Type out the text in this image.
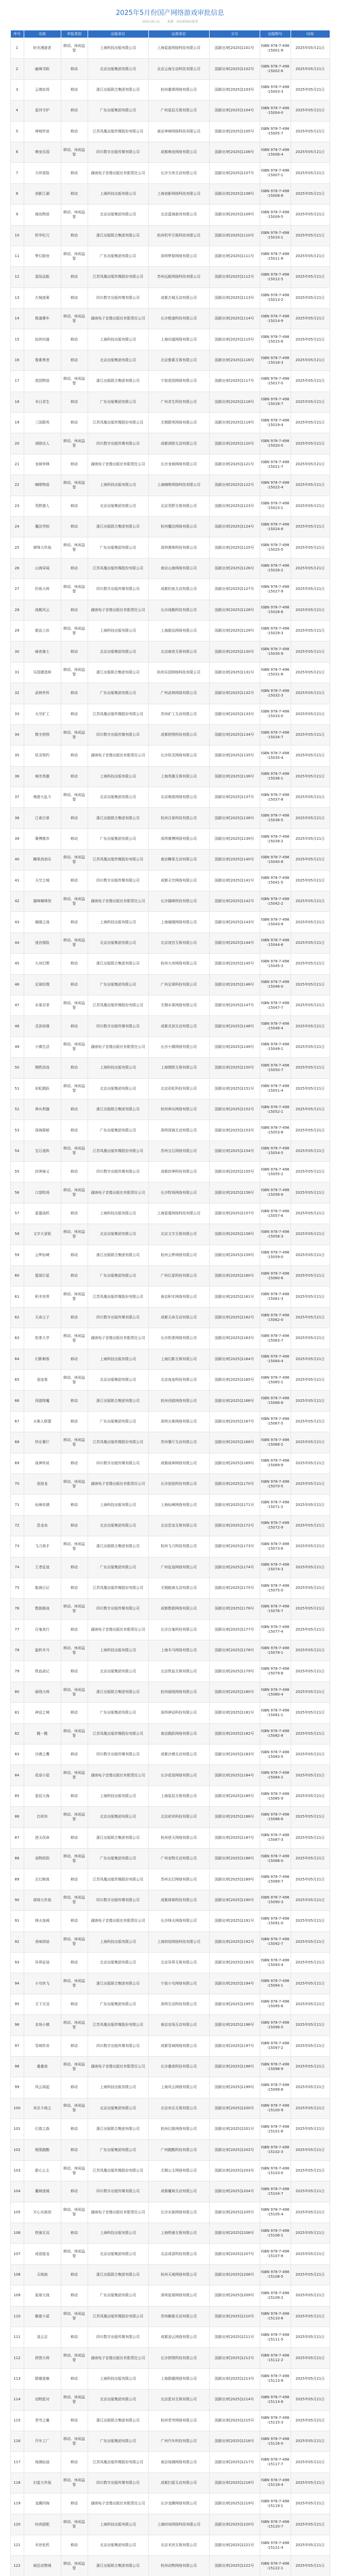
2025年5月份国产网络游戏审批信息
2025-05-21 来源：国家新闻出版署
序号	名称	申报类别	出版单位	运营单位	文号	出版物号	时间
1	时光漫游者	移动、休闲益智	上海科技出版有限公司	上海星游网络科技有限公司	国新出审[2025]1101号	ISBN 978-7-498-15001-9	2025年05月21日
2	幽境寻踪	移动	北京出版集团有限公司	北京云海互动科技有限公司	国新出审[2025]1102号	ISBN 978-7-498-15002-6	2025年05月21日
3	云端农场	移动	浙江出版联合集团有限公司	杭州叠翠网络有限公司	国新出审[2025]1103号	ISBN 978-7-498-15003-3	2025年05月21日
4	星河守护	移动	广东出版集团有限公司	广州星辰互娱有限公司	国新出审[2025]1104号	ISBN 978-7-498-15004-0	2025年05月21日
5	神域传说	移动	江苏凤凰出版传媒股份有限公司	南京神域网络科技有限公司	国新出审[2025]1105号	ISBN 978-7-498-15005-7	2025年05月21日
6	萌宠乐园	移动、休闲益智	四川数字出版传媒有限公司	成都萌宠网络有限公司	国新出审[2025]1106号	ISBN 978-7-498-15006-4	2025年05月21日
7	方块冒险	移动	湖南电子音像出版社有限责任公司	长沙方块互动有限公司	国新出审[2025]1107号	ISBN 978-7-498-15007-1	2025年05月21日
8	剑影江湖	移动	上海科技出版有限公司	上海剑影网络科技有限公司	国新出审[2025]1108号	ISBN 978-7-498-15008-8	2025年05月21日
9	海岛物语	移动、休闲益智	北京出版集团有限公司	北京蓝海游戏有限公司	国新出审[2025]1109号	ISBN 978-7-498-15009-5	2025年05月21日
10	机甲纪元	移动	浙江出版联合集团有限公司	杭州机甲互娱科技有限公司	国新出审[2025]1110号	ISBN 978-7-498-15010-1	2025年05月21日
11	梦幻厨房	移动、休闲益智	广东出版集团有限公司	深圳梦厨网络有限公司	国新出审[2025]1111号	ISBN 978-7-498-15011-8	2025年05月21日
12	星际远航	移动	江苏凤凰出版传媒股份有限公司	苏州远航网络科技有限公司	国新出审[2025]1112号	ISBN 978-7-498-15012-5	2025年05月21日
13	古城迷案	移动	四川数字出版传媒有限公司	成都古城互动有限公司	国新出审[2025]1113号	ISBN 978-7-498-15013-2	2025年05月21日
14	极速赛车	移动、休闲益智	湖南电子音像出版社有限责任公司	长沙极速科技有限公司	国新出审[2025]1114号	ISBN 978-7-498-15014-9	2025年05月21日
15	仙侠问道	移动	上海科技出版有限公司	上海问道网络有限公司	国新出审[2025]1115号	ISBN 978-7-498-15015-6	2025年05月21日
16	像素勇者	移动	北京出版集团有限公司	北京像素互娱有限公司	国新出审[2025]1116号	ISBN 978-7-498-15016-3	2025年05月21日
17	花园物语	移动、休闲益智	浙江出版联合集团有限公司	宁波花园网络有限公司	国新出审[2025]1117号	ISBN 978-7-498-15017-0	2025年05月21日
18	末日求生	移动	广东出版集团有限公司	广州求生科技有限公司	国新出审[2025]1118号	ISBN 978-7-498-15018-7	2025年05月21日
19	三国群英	移动	江苏凤凰出版传媒股份有限公司	无锡群英网络有限公司	国新出审[2025]1119号	ISBN 978-7-498-15019-4	2025年05月21日
20	消除达人	移动、休闲益智	四川数字出版传媒有限公司	成都消除互动有限公司	国新出审[2025]1120号	ISBN 978-7-498-15020-0	2025年05月21日
21	龙域争锋	移动	湖南电子音像出版社有限责任公司	长沙龙域网络有限公司	国新出审[2025]1121号	ISBN 978-7-498-15021-7	2025年05月21日
22	咖啡物语	移动、休闲益智	上海科技出版有限公司	上海咖啡网络科技有限公司	国新出审[2025]1122号	ISBN 978-7-498-15022-4	2025年05月21日
23	荒野猎人	移动	北京出版集团有限公司	北京荒野互娱有限公司	国新出审[2025]1123号	ISBN 978-7-498-15023-1	2025年05月21日
24	魔法学院	移动	浙江出版联合集团有限公司	杭州魔法网络有限公司	国新出审[2025]1124号	ISBN 978-7-498-15024-8	2025年05月21日
25	弹珠大作战	移动、休闲益智	广东出版集团有限公司	深圳弹珠科技有限公司	国新出审[2025]1125号	ISBN 978-7-498-15025-5	2025年05月21日
26	山海异闻	移动	江苏凤凰出版传媒股份有限公司	南京山海网络有限公司	国新出审[2025]1126号	ISBN 978-7-498-15026-2	2025年05月21日
27	钓鱼大师	移动、休闲益智	四川数字出版传媒有限公司	成都钓鱼互动有限公司	国新出审[2025]1127号	ISBN 978-7-498-15027-9	2025年05月21日
28	战舰风云	移动	湖南电子音像出版社有限责任公司	长沙战舰科技有限公司	国新出审[2025]1128号	ISBN 978-7-498-15028-6	2025年05月21日
29	甜品工坊	移动、休闲益智	上海科技出版有限公司	上海甜品网络有限公司	国新出审[2025]1129号	ISBN 978-7-498-15029-3	2025年05月21日
30	暗夜骑士	移动	北京出版集团有限公司	北京暗夜互娱有限公司	国新出审[2025]1130号	ISBN 978-7-498-15030-9	2025年05月21日
31	乐园建造师	移动、休闲益智	浙江出版联合集团有限公司	杭州乐园网络科技有限公司	国新出审[2025]1131号	ISBN 978-7-498-15031-6	2025年05月21日
32	武林外传	移动	广东出版集团有限公司	广州武林网络有限公司	国新出审[2025]1132号	ISBN 978-7-498-15032-3	2025年05月21日
33	太空矿工	移动	江苏凤凰出版传媒股份有限公司	苏州矿工互动有限公司	国新出审[2025]1133号	ISBN 978-7-498-15033-0	2025年05月21日
34	数字拼图	移动、休闲益智	四川数字出版传媒有限公司	成都拼图科技有限公司	国新出审[2025]1134号	ISBN 978-7-498-15034-7	2025年05月21日
35	妖灵契约	移动	湖南电子音像出版社有限责任公司	长沙妖灵网络有限公司	国新出审[2025]1135号	ISBN 978-7-498-15035-4	2025年05月21日
36	城市英雄	移动	上海科技出版有限公司	上海英雄互娱有限公司	国新出审[2025]1136号	ISBN 978-7-498-15036-1	2025年05月21日
37	萌兽大乱斗	移动、休闲益智	北京出版集团有限公司	北京萌兽网络有限公司	国新出审[2025]1137号	ISBN 978-7-498-15037-8	2025年05月21日
38	江南百景	移动	浙江出版联合集团有限公司	杭州百景科技有限公司	国新出审[2025]1138号	ISBN 978-7-498-15038-5	2025年05月21日
39	赛博都市	移动	广东出版集团有限公司	深圳赛博网络有限公司	国新出审[2025]1139号	ISBN 978-7-498-15039-2	2025年05月21日
40	糖果消消乐	移动、休闲益智	江苏凤凰出版传媒股份有限公司	南京糖果互动有限公司	国新出审[2025]1140号	ISBN 978-7-498-15040-8	2025年05月21日
41	天空之城	移动	四川数字出版传媒有限公司	成都天空网络有限公司	国新出审[2025]1141号	ISBN 978-7-498-15041-5	2025年05月21日
42	猫咪咖啡馆	移动、休闲益智	湖南电子音像出版社有限责任公司	长沙猫咪科技有限公司	国新出审[2025]1142号	ISBN 978-7-498-15042-2	2025年05月21日
43	破晓之战	移动	上海科技出版有限公司	上海破晓网络有限公司	国新出审[2025]1143号	ISBN 978-7-498-15043-9	2025年05月21日
44	迷宫探险	移动、休闲益智	北京出版集团有限公司	北京迷宫互娱有限公司	国新出审[2025]1144号	ISBN 978-7-498-15044-6	2025年05月21日
45	九州幻想	移动	浙江出版联合集团有限公司	杭州九州网络有限公司	国新出审[2025]1145号	ISBN 978-7-498-15045-3	2025年05月21日
46	足球经理	移动	广东出版集团有限公司	广州足球科技有限公司	国新出审[2025]1146号	ISBN 978-7-498-15046-0	2025年05月21日
47	水果忍者	移动、休闲益智	江苏凤凰出版传媒股份有限公司	无锡水果网络有限公司	国新出审[2025]1147号	ISBN 978-7-498-15047-7	2025年05月21日
48	灵剑奇缘	移动	四川数字出版传媒有限公司	成都灵剑互动有限公司	国新出审[2025]1148号	ISBN 978-7-498-15048-4	2025年05月21日
49	小镇生活	移动、休闲益智	湖南电子音像出版社有限责任公司	长沙小镇网络有限公司	国新出审[2025]1149号	ISBN 978-7-498-15049-1	2025年05月21日
50	钢铁洪流	移动	上海科技出版有限公司	上海钢铁互娱有限公司	国新出审[2025]1150号	ISBN 978-7-498-15050-7	2025年05月21日
51	彩虹跳跃	移动、休闲益智	北京出版集团有限公司	北京彩虹科技有限公司	国新出审[2025]1151号	ISBN 978-7-498-15051-4	2025年05月21日
52	神兵利器	移动	浙江出版联合集团有限公司	杭州神兵网络有限公司	国新出审[2025]1152号	ISBN 978-7-498-15052-1	2025年05月21日
53	深海探秘	移动	广东出版集团有限公司	深圳深海互动有限公司	国新出审[2025]1153号	ISBN 978-7-498-15053-8	2025年05月21日
54	宝石迷阵	移动、休闲益智	江苏凤凰出版传媒股份有限公司	苏州宝石网络有限公司	国新出审[2025]1154号	ISBN 978-7-498-15054-5	2025年05月21日
55	封神演义	移动	四川数字出版传媒有限公司	成都封神科技有限公司	国新出审[2025]1155号	ISBN 978-7-498-15055-2	2025年05月21日
56	口袋牧场	移动、休闲益智	湖南电子音像出版社有限责任公司	长沙牧场网络有限公司	国新出审[2025]1156号	ISBN 978-7-498-15056-9	2025年05月21日
57	雷霆战机	移动	上海科技出版有限公司	上海雷霆网络科技有限公司	国新出审[2025]1157号	ISBN 978-7-498-15057-6	2025年05月21日
58	文字大冒险	移动、休闲益智	北京出版集团有限公司	北京文字互娱有限公司	国新出审[2025]1158号	ISBN 978-7-498-15058-3	2025年05月21日
59	云梦仙境	移动	浙江出版联合集团有限公司	杭州云梦网络有限公司	国新出审[2025]1159号	ISBN 978-7-498-15059-0	2025年05月21日
60	篮球巨星	移动	广东出版集团有限公司	广州巨星科技有限公司	国新出审[2025]1160号	ISBN 978-7-498-15060-6	2025年05月21日
61	积木世界	移动、休闲益智	江苏凤凰出版传媒股份有限公司	南京积木网络有限公司	国新出审[2025]1161号	ISBN 978-7-498-15061-3	2025年05月21日
62	天命之子	移动	四川数字出版传媒有限公司	成都天命互动有限公司	国新出审[2025]1162号	ISBN 978-7-498-15062-0	2025年05月21日
63	奶茶大亨	移动、休闲益智	湖南电子音像出版社有限责任公司	长沙奶茶网络有限公司	国新出审[2025]1163号	ISBN 978-7-498-15063-7	2025年05月21日
64	幻影刺客	移动	上海科技出版有限公司	上海幻影互娱有限公司	国新出审[2025]1164号	ISBN 978-7-498-15064-4	2025年05月21日
65	连连看	移动、休闲益智	北京出版集团有限公司	北京连连科技有限公司	国新出审[2025]1165号	ISBN 978-7-498-15065-1	2025年05月21日
66	西游降魔	移动	浙江出版联合集团有限公司	杭州西游网络有限公司	国新出审[2025]1166号	ISBN 978-7-498-15066-8	2025年05月21日
67	火柴人联盟	移动	广东出版集团有限公司	深圳火柴网络有限公司	国新出审[2025]1167号	ISBN 978-7-498-15067-5	2025年05月21日
68	快乐餐厅	移动、休闲益智	江苏凤凰出版传媒股份有限公司	苏州餐厅互动有限公司	国新出审[2025]1168号	ISBN 978-7-498-15068-2	2025年05月21日
69	战神传说	移动	四川数字出版传媒有限公司	成都战神网络有限公司	国新出审[2025]1169号	ISBN 978-7-498-15069-9	2025年05月21日
70	泡泡龙	移动、休闲益智	湖南电子音像出版社有限责任公司	长沙泡泡科技有限公司	国新出审[2025]1170号	ISBN 978-7-498-15070-5	2025年05月21日
71	仙境奇遇	移动	上海科技出版有限公司	上海仙境网络有限公司	国新出审[2025]1171号	ISBN 978-7-498-15071-2	2025年05月21日
72	恐龙岛	移动	北京出版集团有限公司	北京恐龙互娱有限公司	国新出审[2025]1172号	ISBN 978-7-498-15072-9	2025年05月21日
73	飞刀高手	移动、休闲益智	浙江出版联合集团有限公司	杭州飞刀科技有限公司	国新出审[2025]1173号	ISBN 978-7-498-15073-6	2025年05月21日
74	王者征途	移动	广东出版集团有限公司	广州征途网络有限公司	国新出审[2025]1174号	ISBN 978-7-498-15074-3	2025年05月21日
75	航海日记	移动	江苏凤凰出版传媒股份有限公司	无锡航海互动有限公司	国新出审[2025]1175号	ISBN 978-7-498-15075-0	2025年05月21日
76	数独挑战	移动、休闲益智	四川数字出版传媒有限公司	成都数独网络有限公司	国新出审[2025]1176号	ISBN 978-7-498-15076-7	2025年05月21日
77	百鬼夜行	移动	湖南电子音像出版社有限责任公司	长沙百鬼科技有限公司	国新出审[2025]1177号	ISBN 978-7-498-15077-4	2025年05月21日
78	旋转木马	移动、休闲益智	上海科技出版有限公司	上海木马网络有限公司	国新出审[2025]1178号	ISBN 978-7-498-15078-1	2025年05月21日
79	铁血战记	移动	北京出版集团有限公司	北京铁血互娱有限公司	国新出审[2025]1179号	ISBN 978-7-498-15079-8	2025年05月21日
80	画线大师	移动、休闲益智	浙江出版联合集团有限公司	杭州画线网络有限公司	国新出审[2025]1180号	ISBN 978-7-498-15080-4	2025年05月21日
81	神话之境	移动	广东出版集团有限公司	深圳神话科技有限公司	国新出审[2025]1181号	ISBN 978-7-498-15081-1	2025年05月21日
82	跳一跳	移动、休闲益智	江苏凤凰出版传媒股份有限公司	南京跳跃网络有限公司	国新出审[2025]1182号	ISBN 978-7-498-15082-8	2025年05月21日
83	沙漠之鹰	移动	四川数字出版传媒有限公司	成都沙漠互动有限公司	国新出审[2025]1183号	ISBN 978-7-498-15083-5	2025年05月21日
84	花语小屋	移动、休闲益智	湖南电子音像出版社有限责任公司	长沙花语网络有限公司	国新出审[2025]1184号	ISBN 978-7-498-15084-2	2025年05月21日
85	星辰大海	移动	上海科技出版有限公司	上海星辰互娱有限公司	国新出审[2025]1185号	ISBN 978-7-498-15085-9	2025年05月21日
86	打砖块	移动、休闲益智	北京出版集团有限公司	北京砖块科技有限公司	国新出审[2025]1186号	ISBN 978-7-498-15086-6	2025年05月21日
87	逆天改命	移动	浙江出版联合集团有限公司	杭州逆天网络有限公司	国新出审[2025]1187号	ISBN 978-7-498-15087-3	2025年05月21日
88	宠物医院	移动、休闲益智	广东出版集团有限公司	广州宠物互动有限公司	国新出审[2025]1188号	ISBN 978-7-498-15088-0	2025年05月21日
89	玄幻修真	移动	江苏凤凰出版传媒股份有限公司	苏州玄幻网络有限公司	国新出审[2025]1189号	ISBN 978-7-498-15089-7	2025年05月21日
90	球球大作战	移动、休闲益智	四川数字出版传媒有限公司	成都球球科技有限公司	国新出审[2025]1190号	ISBN 978-7-498-15090-3	2025年05月21日
91	烽火连城	移动	湖南电子音像出版社有限责任公司	长沙烽火网络有限公司	国新出审[2025]1191号	ISBN 978-7-498-15091-0	2025年05月21日
92	美味烘焙	移动、休闲益智	上海科技出版有限公司	上海烘焙网络科技有限公司	国新出审[2025]1192号	ISBN 978-7-498-15092-7	2025年05月21日
93	异界征途	移动	北京出版集团有限公司	北京异界互娱有限公司	国新出审[2025]1193号	ISBN 978-7-498-15093-4	2025年05月21日
94	小鸟快飞	移动、休闲益智	浙江出版联合集团有限公司	宁波小鸟网络有限公司	国新出审[2025]1194号	ISBN 978-7-498-15094-1	2025年05月21日
95	天下无双	移动	广东出版集团有限公司	深圳无双科技有限公司	国新出审[2025]1195号	ISBN 978-7-498-15095-8	2025年05月21日
96	农场小镇	移动、休闲益智	江苏凤凰出版传媒股份有限公司	南京农场互动有限公司	国新出审[2025]1196号	ISBN 978-7-498-15096-5	2025年05月21日
97	雪域传奇	移动	四川数字出版传媒有限公司	成都雪域网络有限公司	国新出审[2025]1197号	ISBN 978-7-498-15097-2	2025年05月21日
98	叠叠高	移动、休闲益智	湖南电子音像出版社有限责任公司	长沙叠高科技有限公司	国新出审[2025]1198号	ISBN 978-7-498-15098-9	2025年05月21日
99	风云再起	移动	上海科技出版有限公司	上海风云网络有限公司	国新出审[2025]1199号	ISBN 978-7-498-15099-6	2025年05月21日
100	欢乐斗地主	移动、休闲益智	北京出版集团有限公司	北京欢乐互娱有限公司	国新出审[2025]1200号	ISBN 978-7-498-15100-9	2025年05月21日
101	幻兽之森	移动	浙江出版联合集团有限公司	杭州幻兽网络有限公司	国新出审[2025]1201号	ISBN 978-7-498-15101-6	2025年05月21日
102	极限跑酷	移动	广东出版集团有限公司	广州跑酷科技有限公司	国新出审[2025]1202号	ISBN 978-7-498-15102-3	2025年05月21日
103	甜心公主	移动、休闲益智	江苏凤凰出版传媒股份有限公司	无锡公主网络有限公司	国新出审[2025]1203号	ISBN 978-7-498-15103-0	2025年05月21日
104	魔域迷城	移动	四川数字出版传媒有限公司	成都魔域互动有限公司	国新出审[2025]1204号	ISBN 978-7-498-15104-7	2025年05月21日
105	开心水族馆	移动、休闲益智	湖南电子音像出版社有限责任公司	长沙水族网络有限公司	国新出审[2025]1205号	ISBN 978-7-498-15105-4	2025年05月21日
106	铁骑无双	移动	上海科技出版有限公司	上海铁骑互娱有限公司	国新出审[2025]1206号	ISBN 978-7-498-15106-1	2025年05月21日
107	成语接龙	移动、休闲益智	北京出版集团有限公司	北京成语科技有限公司	国新出审[2025]1207号	ISBN 978-7-498-15107-8	2025年05月21日
108	天地劫	移动	浙江出版联合集团有限公司	杭州天地网络有限公司	国新出审[2025]1208号	ISBN 978-7-498-15108-5	2025年05月21日
109	星球大战	移动	广东出版集团有限公司	深圳星球网络有限公司	国新出审[2025]1209号	ISBN 978-7-498-15109-2	2025年05月21日
110	解谜小屋	移动、休闲益智	江苏凤凰出版传媒股份有限公司	苏州解谜互动有限公司	国新出审[2025]1210号	ISBN 978-7-498-15110-8	2025年05月21日
111	凌云志	移动	四川数字出版传媒有限公司	成都凌云网络有限公司	国新出审[2025]1211号	ISBN 978-7-498-15111-5	2025年05月21日
112	拼图大师	移动、休闲益智	湖南电子音像出版社有限责任公司	长沙拼图科技有限公司	国新出审[2025]1212号	ISBN 978-7-498-15112-2	2025年05月21日
113	群雄逐鹿	移动	上海科技出版有限公司	上海群雄网络有限公司	国新出审[2025]1213号	ISBN 978-7-498-15113-9	2025年05月21日
114	动物派对	移动、休闲益智	北京出版集团有限公司	北京派对互娱有限公司	国新出审[2025]1214号	ISBN 978-7-498-15114-6	2025年05月21日
115	苍穹之翼	移动	浙江出版联合集团有限公司	杭州苍穹网络有限公司	国新出审[2025]1215号	ISBN 978-7-498-15115-3	2025年05月21日
116	汽车工厂	移动、休闲益智	广东出版集团有限公司	广州汽车科技有限公司	国新出审[2025]1216号	ISBN 978-7-498-15116-0	2025年05月21日
117	琉璃仙途	移动	江苏凤凰出版传媒股份有限公司	南京琉璃网络有限公司	国新出审[2025]1217号	ISBN 978-7-498-15117-7	2025年05月21日
118	扫雷大作战	移动、休闲益智	四川数字出版传媒有限公司	成都扫雷互动有限公司	国新出审[2025]1218号	ISBN 978-7-498-15118-4	2025年05月21日
119	龙腾四海	移动	湖南电子音像出版社有限责任公司	长沙龙腾网络有限公司	国新出审[2025]1219号	ISBN 978-7-498-15119-1	2025年05月21日
120	时尚搭配	移动、休闲益智	上海科技出版有限公司	上海时尚网络科技有限公司	国新出审[2025]1220号	ISBN 978-7-498-15120-7	2025年05月21日
121	末世危机	移动	北京出版集团有限公司	北京末世互娱有限公司	国新出审[2025]1221号	ISBN 978-7-498-15121-4	2025年05月21日
122	疯狂动物城	移动、休闲益智	浙江出版联合集团有限公司	杭州动物网络有限公司	国新出审[2025]1222号	ISBN 978-7-498-15122-1	2025年05月21日
